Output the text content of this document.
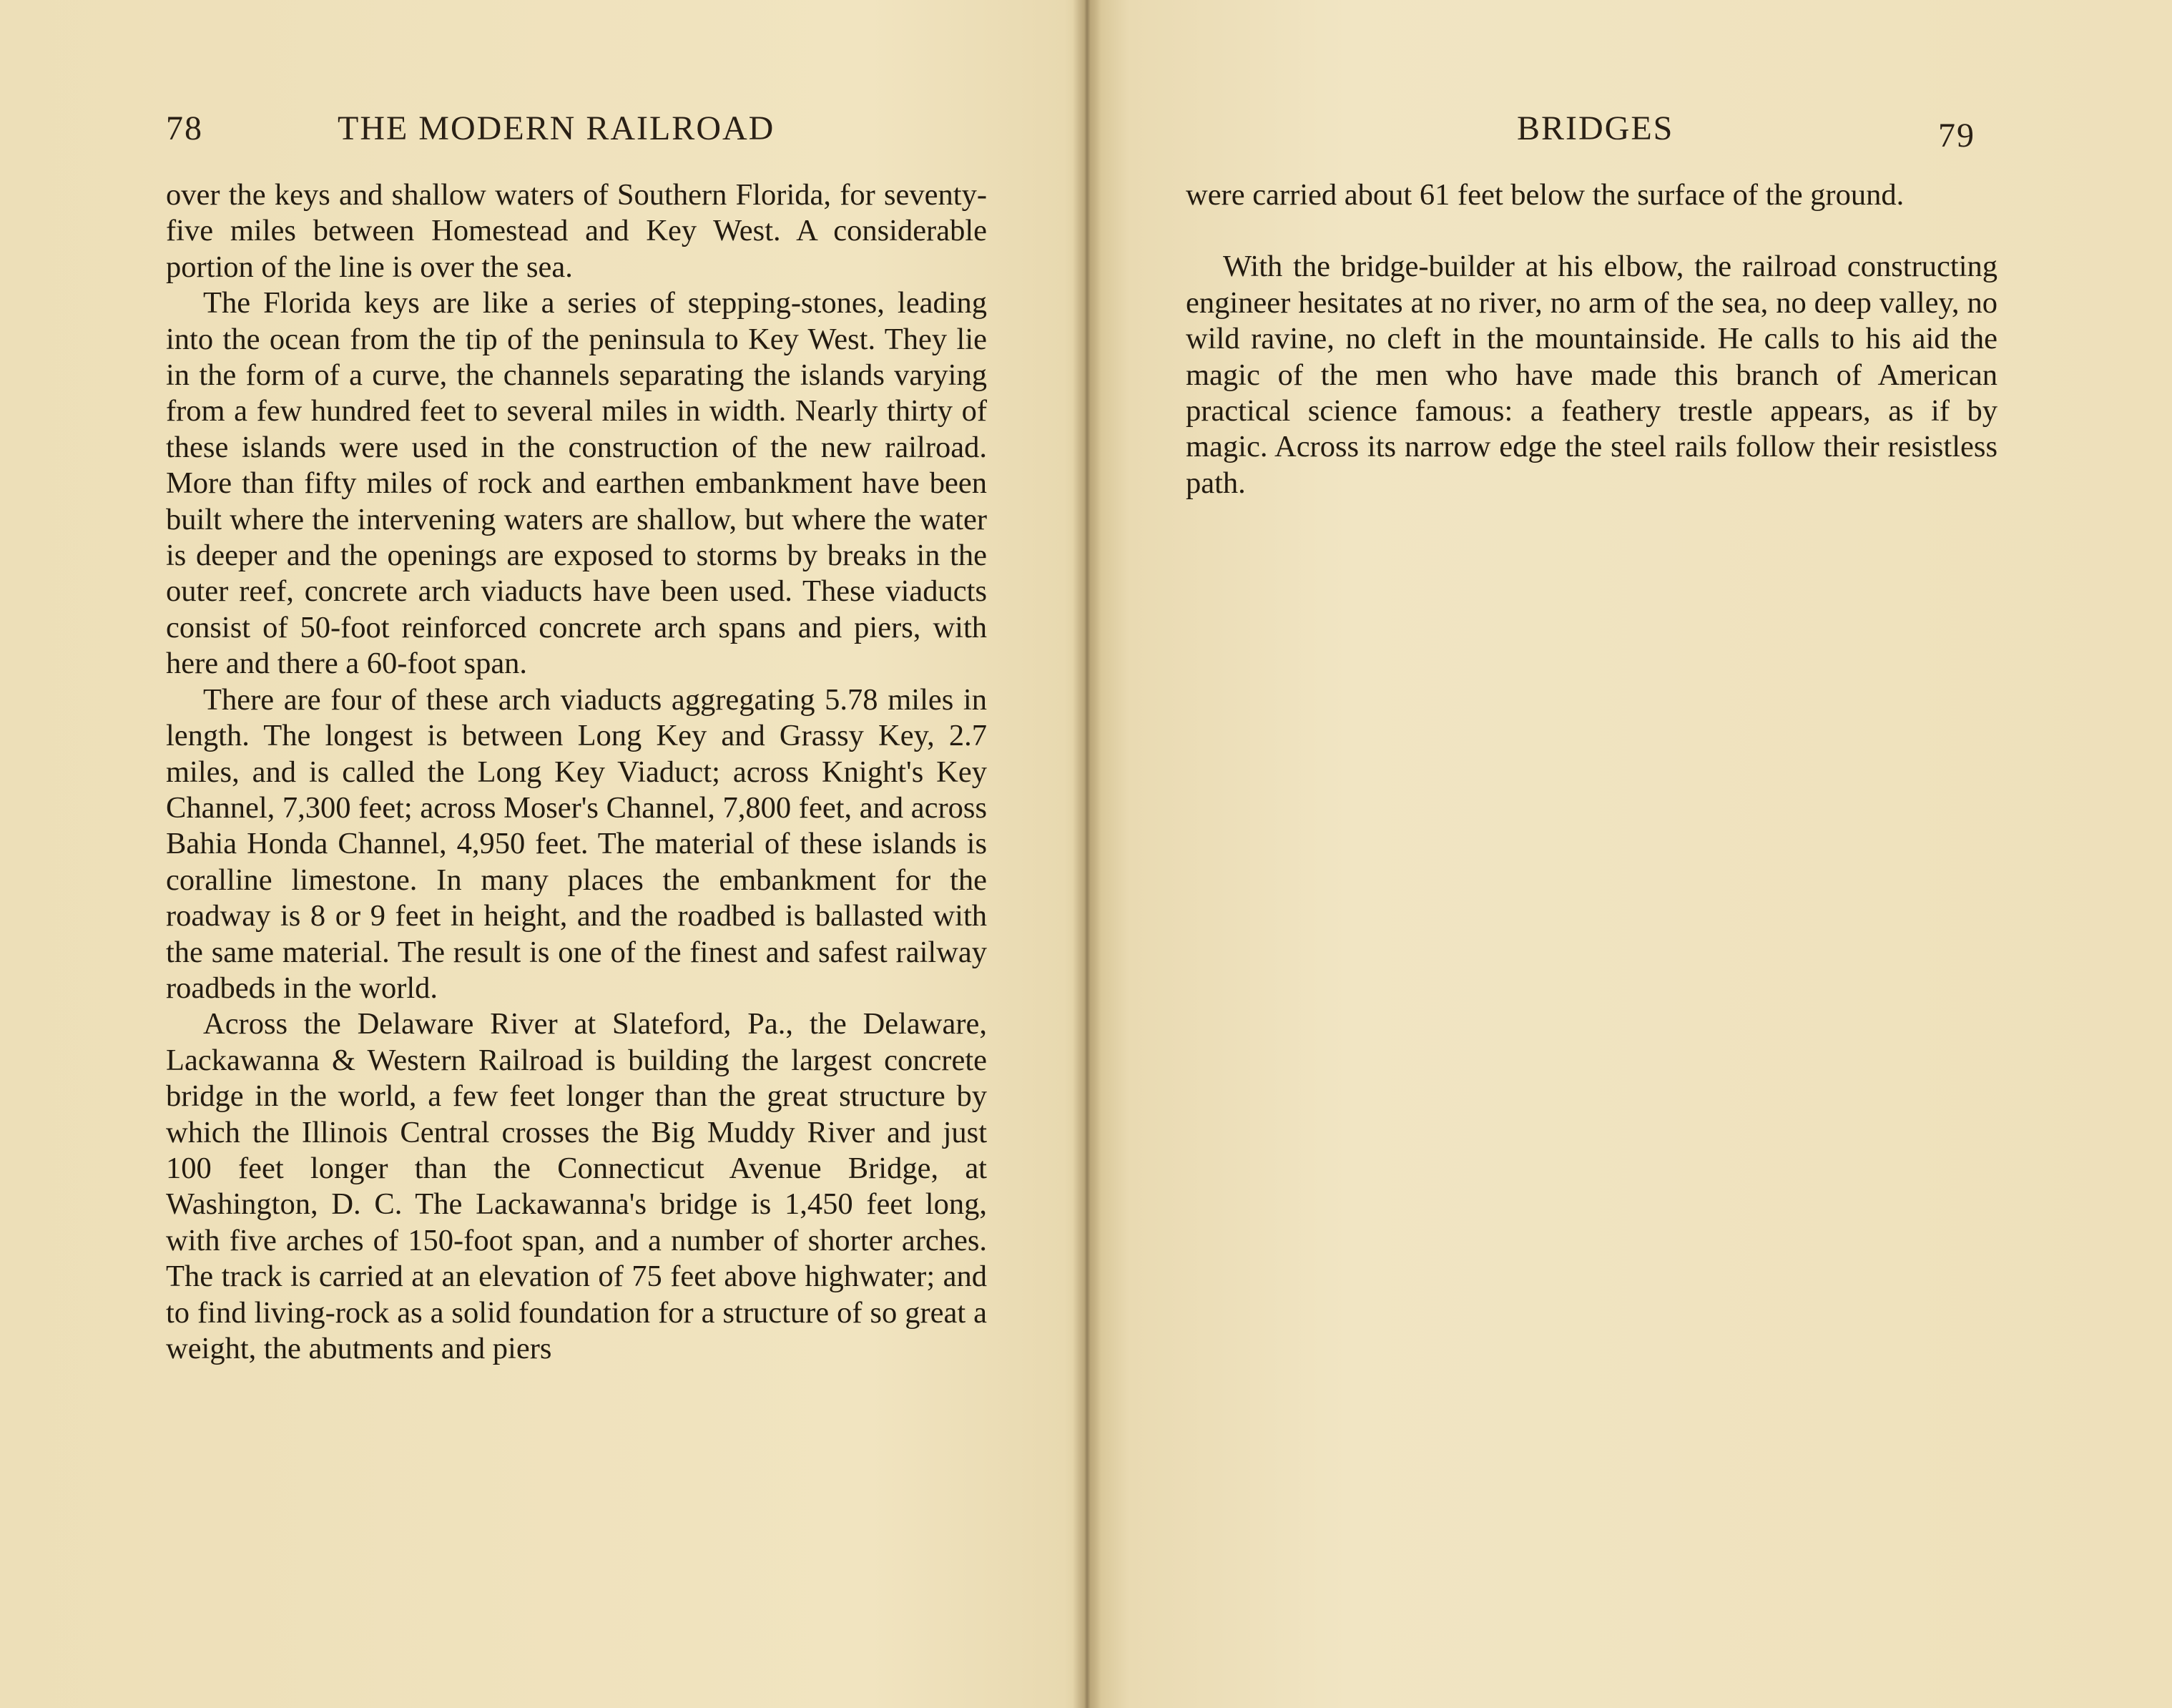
78	THE MODERN RAILROAD

over the keys and shallow waters of Southern Florida, for seventy-five miles between Homestead and Key West. A considerable portion of the line is over the sea.

The Florida keys are like a series of stepping-stones, leading into the ocean from the tip of the peninsula to Key West. They lie in the form of a curve, the channels separating the islands varying from a few hundred feet to several miles in width. Nearly thirty of these islands were used in the construction of the new railroad. More than fifty miles of rock and earthen embankment have been built where the intervening waters are shallow, but where the water is deeper and the openings are exposed to storms by breaks in the outer reef, concrete arch viaducts have been used. These viaducts consist of 50-foot reinforced concrete arch spans and piers, with here and there a 60-foot span.

There are four of these arch viaducts aggregating 5.78 miles in length. The longest is between Long Key and Grassy Key, 2.7 miles, and is called the Long Key Viaduct; across Knight's Key Channel, 7,300 feet; across Moser's Channel, 7,800 feet, and across Bahia Honda Channel, 4,950 feet. The material of these islands is coralline limestone. In many places the embankment for the roadway is 8 or 9 feet in height, and the roadbed is ballasted with the same material. The result is one of the finest and safest railway roadbeds in the world.

Across the Delaware River at Slateford, Pa., the Delaware, Lackawanna & Western Railroad is building the largest concrete bridge in the world, a few feet longer than the great structure by which the Illinois Central crosses the Big Muddy River and just 100 feet longer than the Connecticut Avenue Bridge, at Washington, D. C. The Lackawanna's bridge is 1,450 feet long, with five arches of 150-foot span, and a number of shorter arches. The track is carried at an elevation of 75 feet above highwater; and to find living-rock as a solid foundation for a structure of so great a weight, the abutments and piers

BRIDGES	79

were carried about 61 feet below the surface of the ground.

With the bridge-builder at his elbow, the railroad constructing engineer hesitates at no river, no arm of the sea, no deep valley, no wild ravine, no cleft in the mountainside. He calls to his aid the magic of the men who have made this branch of American practical science famous: a feathery trestle appears, as if by magic. Across its narrow edge the steel rails follow their resistless path.
